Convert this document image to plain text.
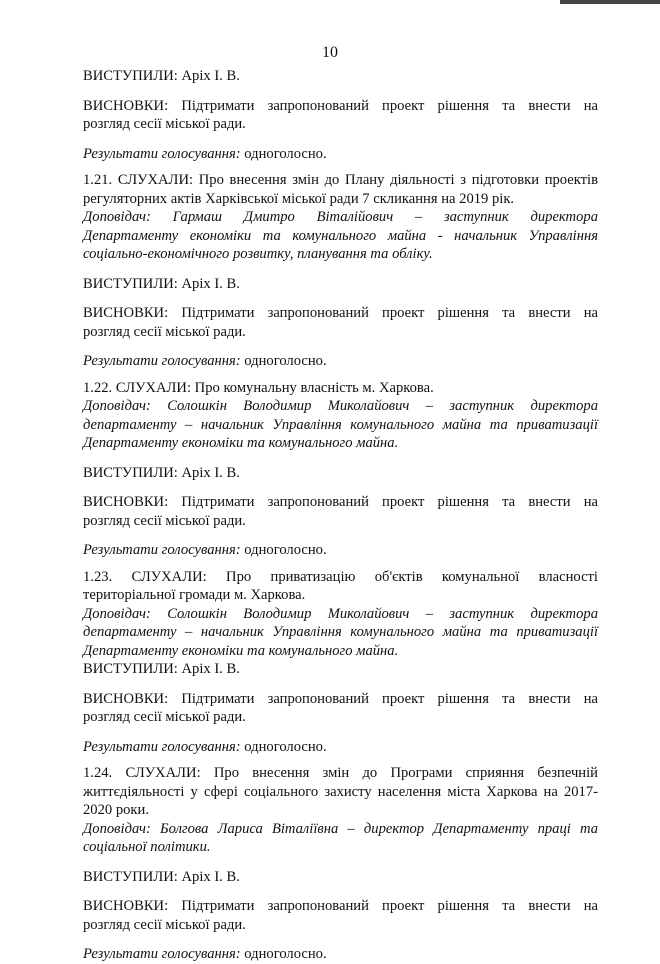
10

ВИСТУПИЛИ: Аріх І. В.

ВИСНОВКИ: Підтримати запропонований проект рішення та внести на

розгляд сесії міської ради.

Результати голосування: одноголосно.

1.21. СЛУХАЛИ: Про внесення змін до Плану діяльності з підготовки проектів

регуляторних актів Харківської міської ради 7 скликання на 2019 рік.

Доповідач: Гармаш Дмитро Віталійович – заступник директора

Департаменту економіки та комунального майна - начальник Управління

соціально-економічного розвитку, планування та обліку.

ВИСТУПИЛИ: Аріх І. В.

ВИСНОВКИ: Підтримати запропонований проект рішення та внести на

розгляд сесії міської ради.

Результати голосування: одноголосно.

1.22. СЛУХАЛИ: Про комунальну власність м. Харкова.

Доповідач: Солошкін Володимир Миколайович – заступник директора

департаменту – начальник Управління комунального майна та приватизації

Департаменту економіки та комунального майна.

ВИСТУПИЛИ: Аріх І. В.

ВИСНОВКИ: Підтримати запропонований проект рішення та внести на

розгляд сесії міської ради.

Результати голосування: одноголосно.

1.23. СЛУХАЛИ: Про приватизацію об'єктів комунальної власності

територіальної громади м. Харкова.

Доповідач: Солошкін Володимир Миколайович – заступник директора

департаменту – начальник Управління комунального майна та приватизації

Департаменту економіки та комунального майна.

ВИСТУПИЛИ: Аріх І. В.

ВИСНОВКИ: Підтримати запропонований проект рішення та внести на

розгляд сесії міської ради.

Результати голосування: одноголосно.

1.24. СЛУХАЛИ: Про внесення змін до Програми сприяння безпечній

життєдіяльності у сфері соціального захисту населення міста Харкова на 2017-

2020 роки.

Доповідач: Болгова Лариса Віталіївна – директор Департаменту праці та

соціальної політики.

ВИСТУПИЛИ: Аріх І. В.

ВИСНОВКИ: Підтримати запропонований проект рішення та внести на

розгляд сесії міської ради.

Результати голосування: одноголосно.
